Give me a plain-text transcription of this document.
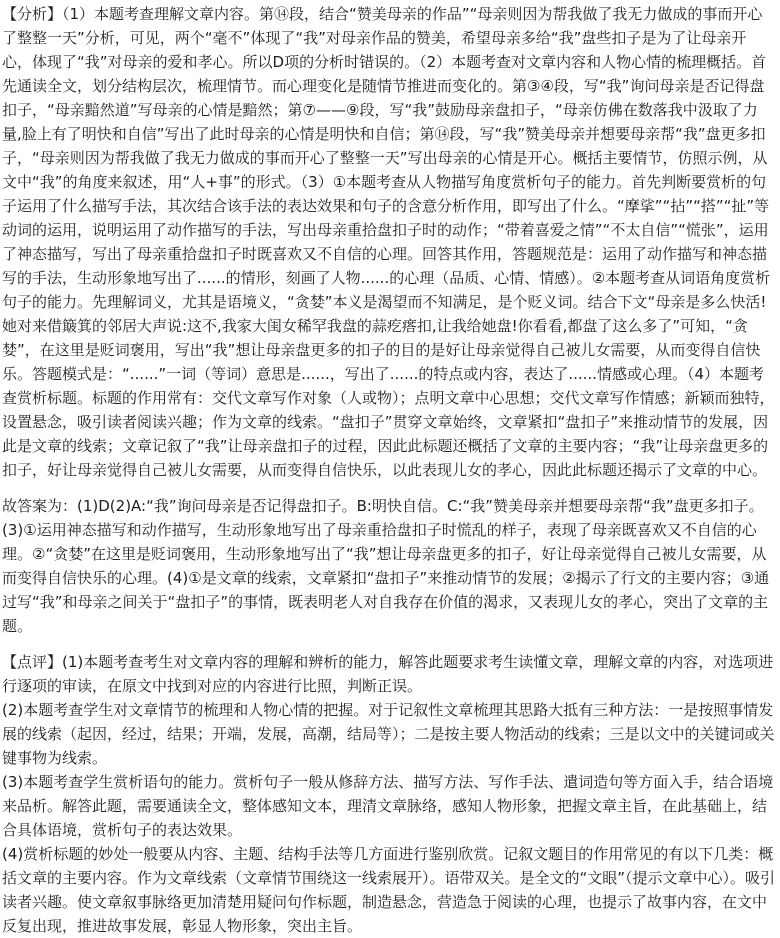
【分析】（1）本题考查理解文章内容。第⑭段，结合“赞美母亲的作品”“母亲则因为帮我做了我无力做成的事而开心了整整一天”分析，可见，两个“毫不”体现了“我”对母亲作品的赞美，希望母亲多给“我”盘些扣子是为了让母亲开心，体现了“我”对母亲的爱和孝心。所以D项的分析时错误的。（2）本题考查对文章内容和人物心情的梳理概括。首先通读全文，划分结构层次，梳理情节。而心理变化是随情节推进而变化的。第③④段，写“我”询问母亲是否记得盘扣子，“母亲黯然道”写母亲的心情是黯然；第⑦——⑨段，写“我”鼓励母亲盘扣子，“母亲仿佛在数落我中汲取了力量,脸上有了明快和自信”写出了此时母亲的心情是明快和自信；第⑭段，写“我”赞美母亲并想要母亲帮“我”盘更多扣子，“母亲则因为帮我做了我无力做成的事而开心了整整一天”写出母亲的心情是开心。概括主要情节，仿照示例，从文中“我”的角度来叙述，用“人+事”的形式。（3）①本题考查从人物描写角度赏析句子的能力。首先判断要赏析的句子运用了什么描写手法，其次结合该手法的表达效果和句子的含意分析作用，即写出了什么。“摩挲”“拈”“搭”“扯”等动词的运用，说明运用了动作描写的手法，写出母亲重拾盘扣子时的动作；“带着喜爱之情”“不太自信”“慌张”，运用了神态描写，写出了母亲重拾盘扣子时既喜欢又不自信的心理。回答其作用，答题规范是：运用了动作描写和神态描写的手法，生动形象地写出了......的情形，刻画了人物......的心理（品质、心情、情感）。②本题考查从词语角度赏析句子的能力。先理解词义，尤其是语境义，“贪婪”本义是渴望而不知满足，是个贬义词。结合下文“母亲是多么快活!她对来借簸箕的邻居大声说:这不,我家大闺女稀罕我盘的蒜疙瘩扣,让我给她盘!你看看,都盘了这么多了”可知，“贪婪”，在这里是贬词褒用，写出“我”想让母亲盘更多的扣子的目的是好让母亲觉得自己被儿女需要，从而变得自信快乐。答题模式是：“......”一词（等词）意思是......，写出了......的特点或内容，表达了......情感或心理。（4）本题考查赏析标题。标题的作用常有：交代文章写作对象（人或物）；点明文章中心思想；交代文章写作情感；新颖而独特，设置悬念，吸引读者阅读兴趣；作为文章的线索。“盘扣子”贯穿文章始终，文章紧扣“盘扣子”来推动情节的发展，因此是文章的线索；文章记叙了“我”让母亲盘扣子的过程，因此此标题还概括了文章的主要内容；“我”让母亲盘更多的扣子，好让母亲觉得自己被儿女需要，从而变得自信快乐，以此表现儿女的孝心，因此此标题还揭示了文章的中心。

故答案为：(1)D(2)A:“我”询问母亲是否记得盘扣子。B:明快自信。C:“我”赞美母亲并想要母亲帮“我”盘更多扣子。(3)①运用神态描写和动作描写，生动形象地写出了母亲重拾盘扣子时慌乱的样子，表现了母亲既喜欢又不自信的心理。②“贪婪”在这里是贬词褒用，生动形象地写出了“我”想让母亲盘更多的扣子，好让母亲觉得自己被儿女需要，从而变得自信快乐的心理。(4)①是文章的线索，文章紧扣“盘扣子”来推动情节的发展；②揭示了行文的主要内容；③通过写“我”和母亲之间关于“盘扣子”的事情，既表明老人对自我存在价值的渴求，又表现儿女的孝心，突出了文章的主题。

【点评】(1)本题考查考生对文章内容的理解和辨析的能力，解答此题要求考生读懂文章，理解文章的内容，对选项进行逐项的审读，在原文中找到对应的内容进行比照，判断正误。

(2)本题考查学生对文章情节的梳理和人物心情的把握。对于记叙性文章梳理其思路大抵有三种方法：一是按照事情发展的线索（起因，经过，结果；开端，发展，高潮，结局等）；二是按主要人物活动的线索；三是以文中的关键词或关键事物为线索。

(3)本题考查学生赏析语句的能力。赏析句子一般从修辞方法、描写方法、写作手法、遣词造句等方面入手，结合语境来品析。解答此题，需要通读全文，整体感知文本，理清文章脉络，感知人物形象，把握文章主旨，在此基础上，结合具体语境，赏析句子的表达效果。

(4)赏析标题的妙处一般要从内容、主题、结构手法等几方面进行鉴别欣赏。记叙文题目的作用常见的有以下几类：概括文章的主要内容。作为文章线索（文章情节围绕这一线索展开）。语带双关。是全文的“文眼”（提示文章中心）。吸引读者兴趣。使文章叙事脉络更加清楚用疑问句作标题，制造悬念，营造急于阅读的心理，也提示了故事内容，在文中反复出现，推进故事发展，彰显人物形象，突出主旨。
